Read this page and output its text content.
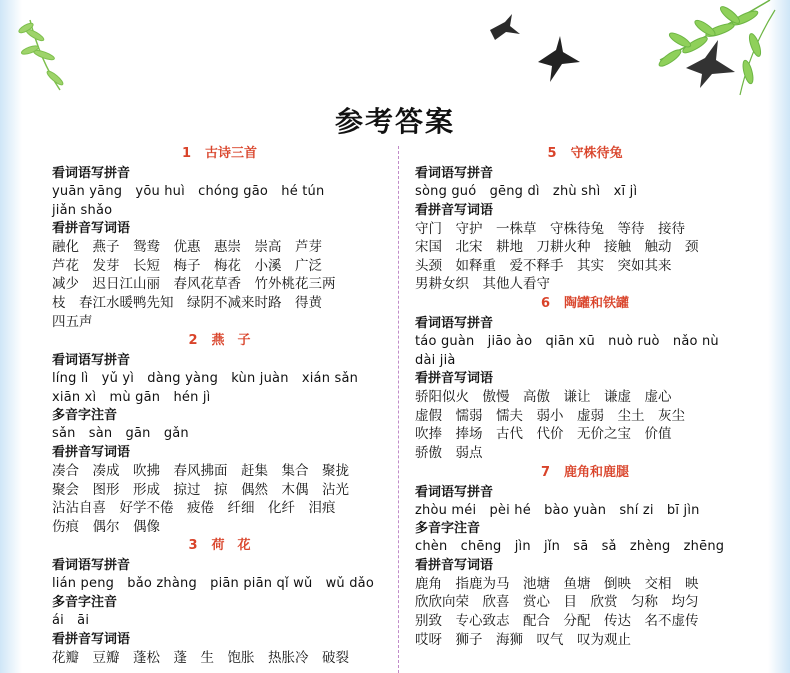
参考答案
1 古诗三首
看词语写拼音
yuān yāng　yōu huì　chóng gāo　hé tún
jiǎn shǎo
看拼音写词语
融化　燕子　鸳鸯　优惠　惠崇　崇高　芦芽
芦花　发芽　长短　梅子　梅花　小溪　广泛
减少　迟日江山丽　春风花草香　竹外桃花三两
枝　春江水暖鸭先知　绿阴不减来时路　得黄
四五声
2 燕　子
看词语写拼音
líng lì　yǔ yì　dàng yàng　kùn juàn　xián sǎn
xiān xì　mù gān　hén jì
多音字注音
sǎn　sàn　gān　gǎn
看拼音写词语
凑合　凑成　吹拂　春风拂面　赶集　集合　聚拢
聚会　图形　形成　掠过　掠　偶然　木偶　沾光
沾沾自喜　好学不倦　疲倦　纤细　化纤　泪痕
伤痕　偶尔　偶像
3 荷　花
看词语写拼音
lián peng　bǎo zhàng　piān piān qǐ wǔ　wǔ dǎo
多音字注音
ái　āi
看拼音写词语
花瓣　豆瓣　蓬松　蓬　生　饱胀　热胀冷　破裂
5 守株待兔
看词语写拼音
sòng guó　gēng dì　zhù shì　xī jì
看拼音写词语
守门　守护　一株草　守株待兔　等待　接待
宋国　北宋　耕地　刀耕火种　接触　触动　颈
头颈　如释重　爱不释手　其实　突如其来
男耕女织　其他人看守
6 陶罐和铁罐
看词语写拼音
táo guàn　jiāo ào　qiān xū　nuò ruò　nǎo nù
dài jià
看拼音写词语
骄阳似火　傲慢　高傲　谦让　谦虚　虚心
虚假　懦弱　懦夫　弱小　虚弱　尘土　灰尘
吹捧　捧场　古代　代价　无价之宝　价值
骄傲　弱点
7 鹿角和鹿腿
看词语写拼音
zhòu méi　pèi hé　bào yuàn　shí zi　bī jìn
多音字注音
chèn　chēng　jìn　jǐn　sā　sǎ　zhèng　zhēng
看拼音写词语
鹿角　指鹿为马　池塘　鱼塘　倒映　交相　映
欣欣向荣　欣喜　赏心　目　欣赏　匀称　均匀
别致　专心致志　配合　分配　传达　名不虚传
哎呀　狮子　海狮　叹气　叹为观止
